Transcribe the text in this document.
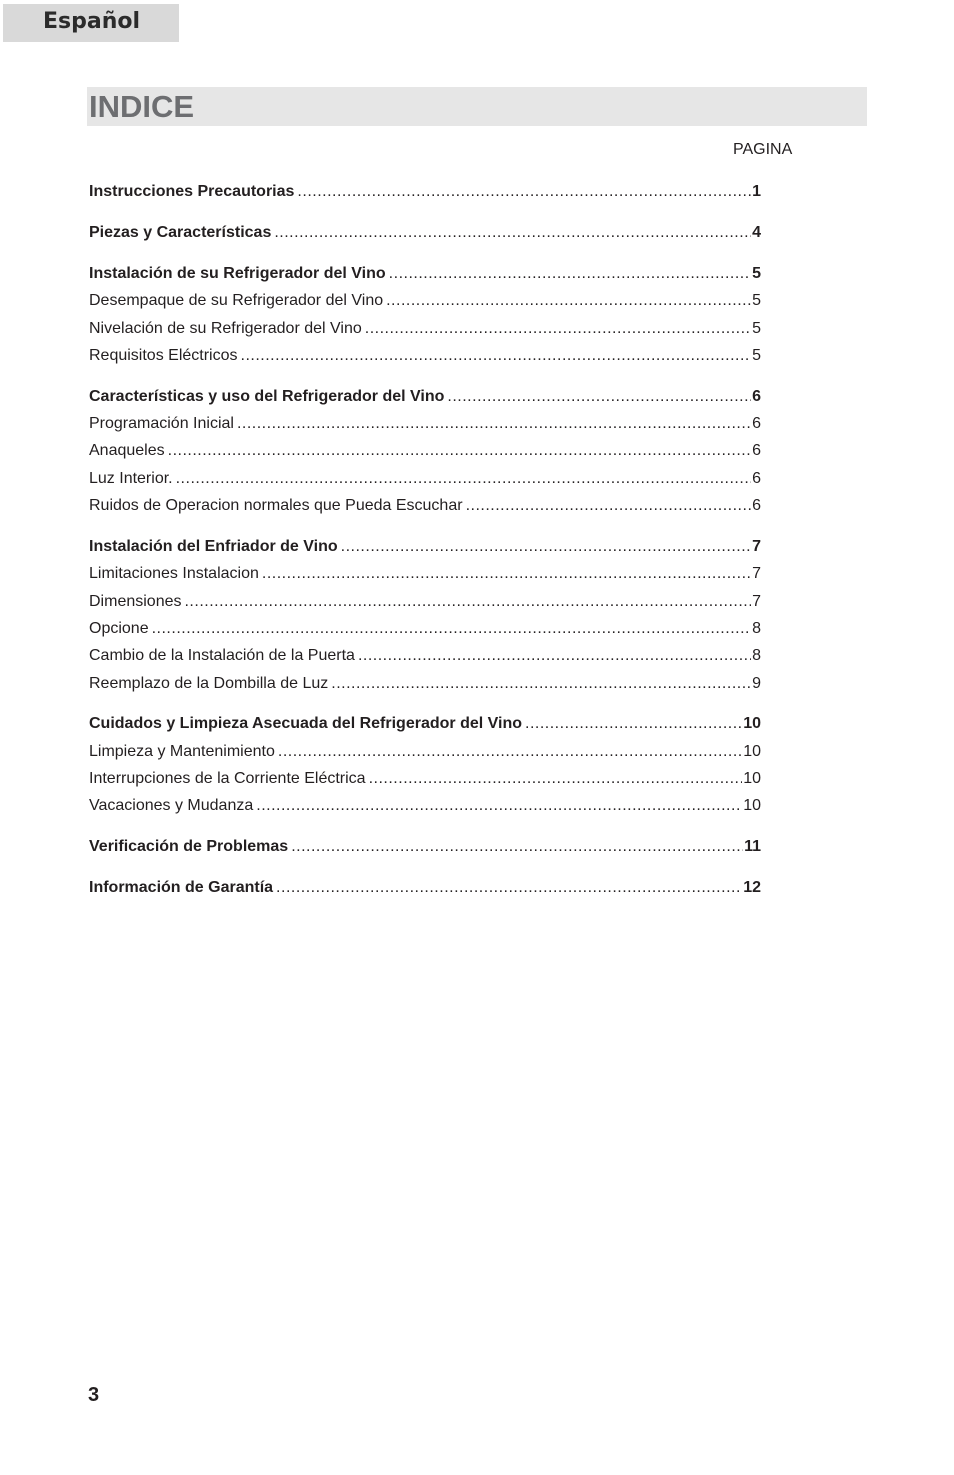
Español
INDICE
PAGINA
Instrucciones Precautorias .....	1
Piezas y Características .....	4
Instalación de su Refrigerador del Vino .....	5
Desempaque de su Refrigerador del Vino .....	5
Nivelación de su Refrigerador del Vino .....	5
Requisitos Eléctricos .....	5
Características y uso del Refrigerador del Vino .....	6
Programación Inicial .....	6
Anaqueles .....	6
Luz Interior. .....	6
Ruidos de Operacion normales que Pueda Escuchar .....	6
Instalación del Enfriador de Vino .....	7
Limitaciones Instalacion .....	7
Dimensiones .....	7
Opcione .....	8
Cambio de la Instalación de la Puerta .....	8
Reemplazo de la Dombilla de Luz .....	9
Cuidados y Limpieza Asecuada del Refrigerador del Vino .....	10
Limpieza y Mantenimiento .....	10
Interrupciones de la Corriente Eléctrica .....	10
Vacaciones y Mudanza .....	10
Verificación de Problemas .....	11
Información de Garantía .....	12
3
